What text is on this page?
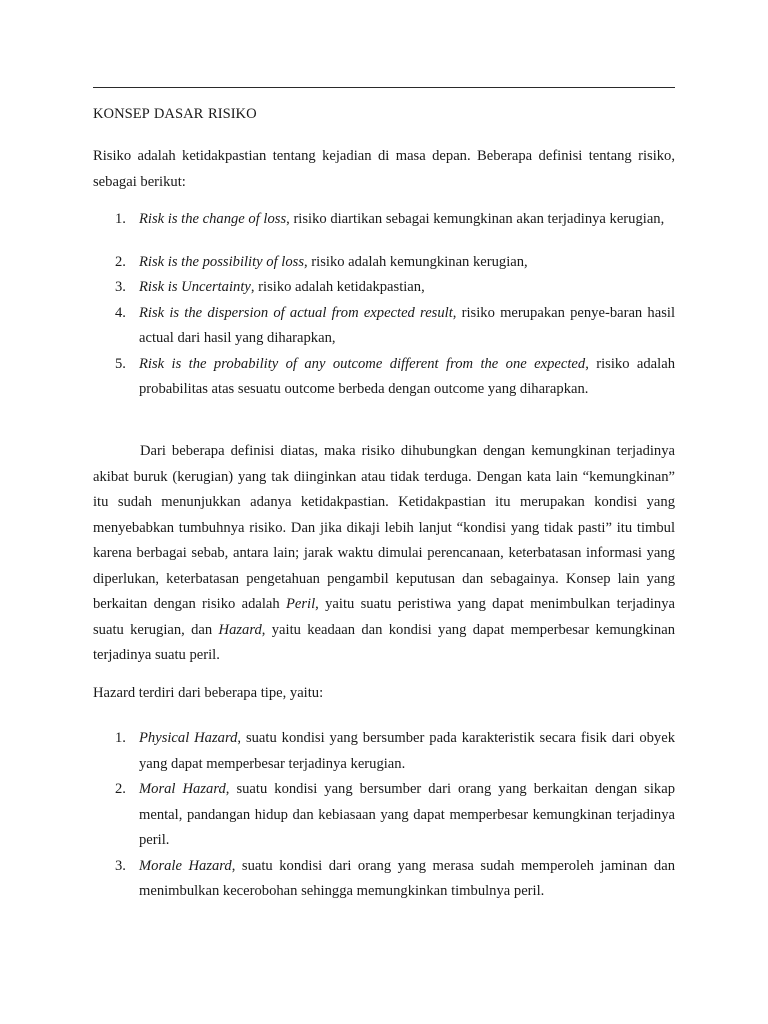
KONSEP DASAR RISIKO

Risiko adalah ketidakpastian tentang kejadian di masa depan. Beberapa definisi tentang risiko, sebagai berikut:

1. Risk is the change of loss, risiko diartikan sebagai kemungkinan akan terjadinya kerugian,
2. Risk is the possibility of loss, risiko adalah kemungkinan kerugian,
3. Risk is Uncertainty, risiko adalah ketidakpastian,
4. Risk is the dispersion of actual from expected result, risiko merupakan penye-baran hasil actual dari hasil yang diharapkan,
5. Risk is the probability of any outcome different from the one expected, risiko adalah probabilitas atas sesuatu outcome berbeda dengan outcome yang diharapkan.

Dari beberapa definisi diatas, maka risiko dihubungkan dengan kemungkinan terjadinya akibat buruk (kerugian) yang tak diinginkan atau tidak terduga. Dengan kata lain “kemungkinan” itu sudah menunjukkan adanya ketidakpastian. Ketidakpastian itu merupakan kondisi yang menyebabkan tumbuhnya risiko. Dan jika dikaji lebih lanjut “kondisi yang tidak pasti” itu timbul karena berbagai sebab, antara lain; jarak waktu dimulai perencanaan, keterbatasan informasi yang diperlukan, keterbatasan pengetahuan pengambil keputusan dan sebagainya. Konsep lain yang berkaitan dengan risiko adalah Peril, yaitu suatu peristiwa yang dapat menimbulkan terjadinya suatu kerugian, dan Hazard, yaitu keadaan dan kondisi yang dapat memperbesar kemungkinan terjadinya suatu peril.

Hazard terdiri dari beberapa tipe, yaitu:

1. Physical Hazard, suatu kondisi yang bersumber pada karakteristik secara fisik dari obyek yang dapat memperbesar terjadinya kerugian.
2. Moral Hazard, suatu kondisi yang bersumber dari orang yang berkaitan dengan sikap mental, pandangan hidup dan kebiasaan yang dapat memperbesar kemungkinan terjadinya peril.
3. Morale Hazard, suatu kondisi dari orang yang merasa sudah memperoleh jaminan dan menimbulkan kecerobohan sehingga memungkinkan timbulnya peril.
